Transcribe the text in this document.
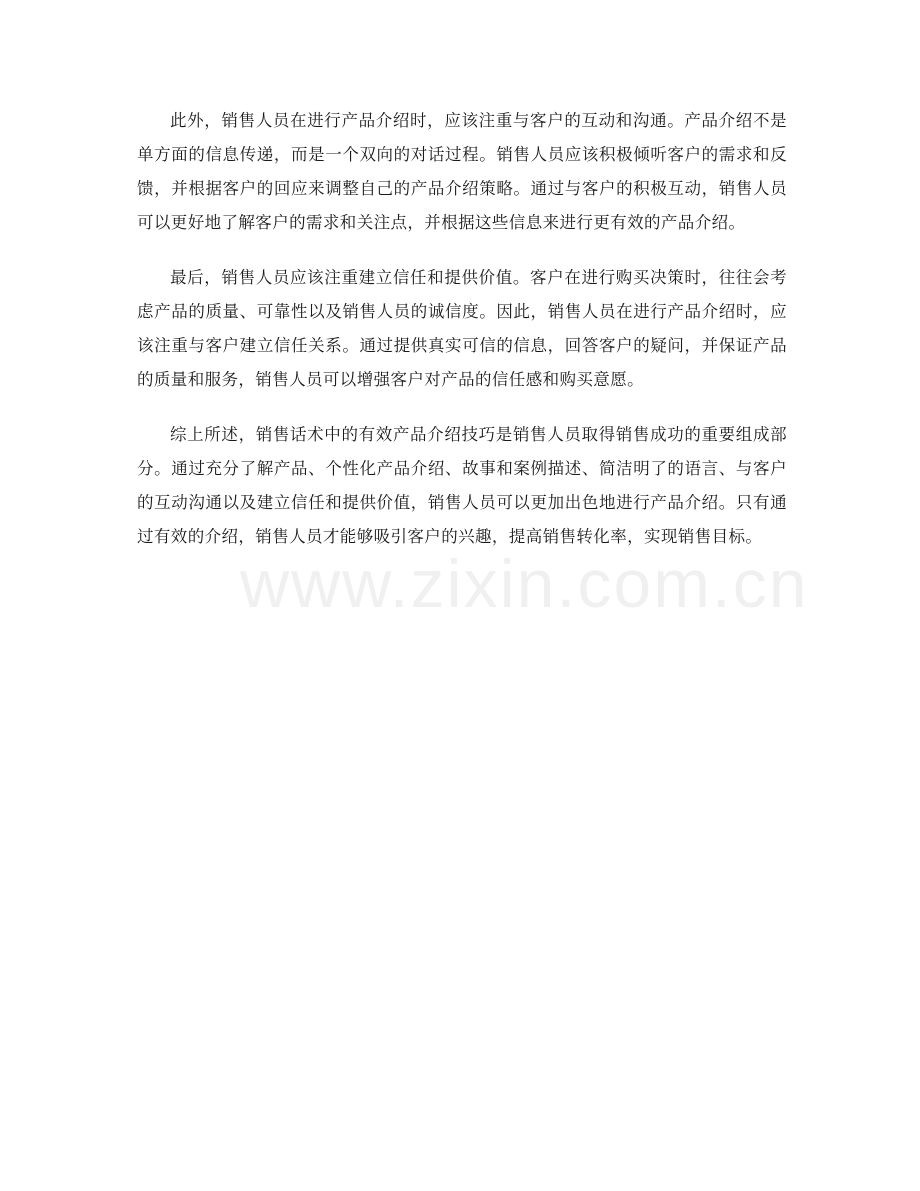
此外，销售人员在进行产品介绍时，应该注重与客户的互动和沟通。产品介绍不是单方面的信息传递，而是一个双向的对话过程。销售人员应该积极倾听客户的需求和反馈，并根据客户的回应来调整自己的产品介绍策略。通过与客户的积极互动，销售人员可以更好地了解客户的需求和关注点，并根据这些信息来进行更有效的产品介绍。

最后，销售人员应该注重建立信任和提供价值。客户在进行购买决策时，往往会考虑产品的质量、可靠性以及销售人员的诚信度。因此，销售人员在进行产品介绍时，应该注重与客户建立信任关系。通过提供真实可信的信息，回答客户的疑问，并保证产品的质量和服务，销售人员可以增强客户对产品的信任感和购买意愿。

综上所述，销售话术中的有效产品介绍技巧是销售人员取得销售成功的重要组成部分。通过充分了解产品、个性化产品介绍、故事和案例描述、简洁明了的语言、与客户的互动沟通以及建立信任和提供价值，销售人员可以更加出色地进行产品介绍。只有通过有效的介绍，销售人员才能够吸引客户的兴趣，提高销售转化率，实现销售目标。

www.zixin.com.cn
